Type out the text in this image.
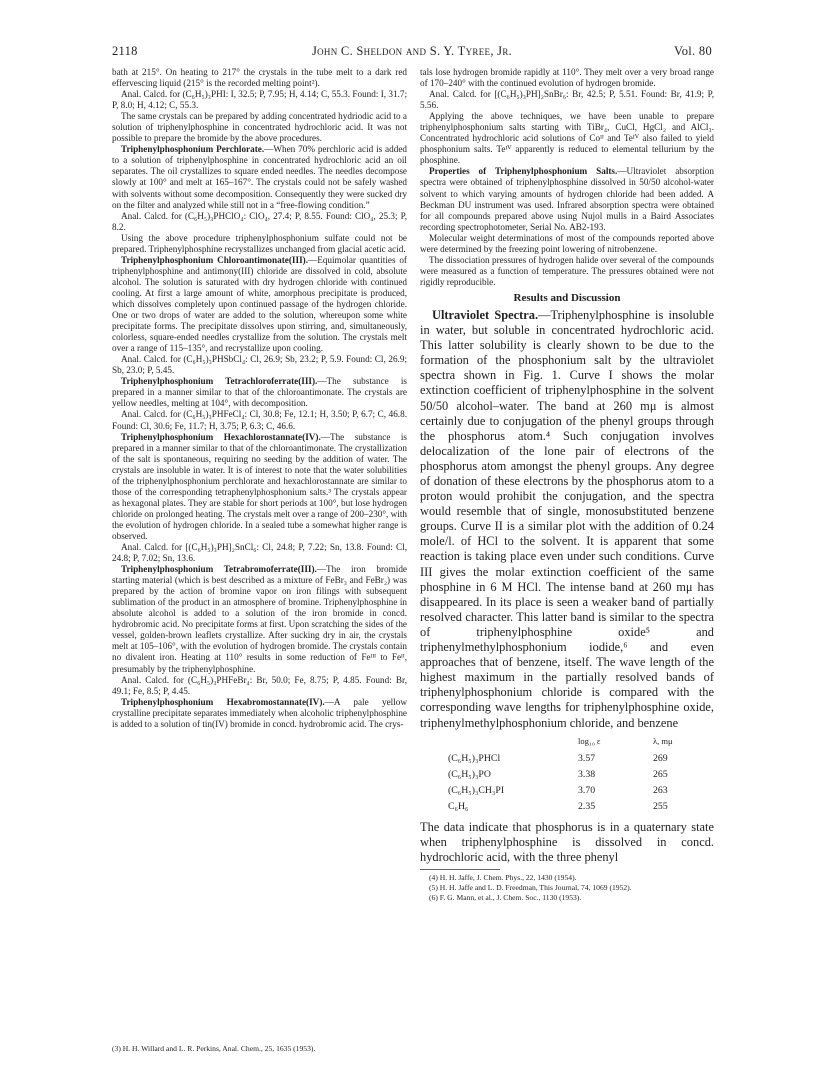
2118	John C. Sheldon and S. Y. Tyree, Jr.	Vol. 80

bath at 215°. On heating to 217° the crystals in the tube melt to a dark red effervescing liquid (215° is the recorded melting point²).

Anal. Calcd. for (C₆H₅)₃PHI: I, 32.5; P, 7.95; H, 4.14; C, 55.3. Found: I, 31.7; P, 8.0; H, 4.12; C, 55.3.

The same crystals can be prepared by adding concentrated hydriodic acid to a solution of triphenylphosphine in concentrated hydrochloric acid. It was not possible to prepare the bromide by the above procedures.

Triphenylphosphonium Perchlorate.—When 70% perchloric acid is added to a solution of triphenylphosphine in concentrated hydrochloric acid an oil separates. The oil crystallizes to square ended needles. The needles decompose slowly at 100° and melt at 165–167°. The crystals could not be safely washed with solvents without some decomposition. Consequently they were sucked dry on the filter and analyzed while still not in a “free-flowing condition.”

Anal. Calcd. for (C₆H₅)₃PHClO₄: ClO₄, 27.4; P, 8.55. Found: ClO₄, 25.3; P, 8.2.

Using the above procedure triphenylphosphonium sulfate could not be prepared. Triphenylphosphine recrystallizes unchanged from glacial acetic acid.

Triphenylphosphonium Chloroantimonate(III).—Equimolar quantities of triphenylphosphine and antimony(III) chloride are dissolved in cold, absolute alcohol. The solution is saturated with dry hydrogen chloride with continued cooling. At first a large amount of white, amorphous precipitate is produced, which dissolves completely upon continued passage of the hydrogen chloride. One or two drops of water are added to the solution, whereupon some white precipitate forms. The precipitate dissolves upon stirring, and, simultaneously, colorless, square-ended needles crystallize from the solution. The crystals melt over a range of 115–135°, and recrystallize upon cooling.

Anal. Calcd. for (C₆H₅)₃PHSbCl₄: Cl, 26.9; Sb, 23.2; P, 5.9. Found: Cl, 26.9; Sb, 23.0; P, 5.45.

Triphenylphosphonium Tetrachloroferrate(III).—The substance is prepared in a manner similar to that of the chloroantimonate. The crystals are yellow needles, melting at 104°, with decomposition.

Anal. Calcd. for (C₆H₅)₃PHFeCl₄: Cl, 30.8; Fe, 12.1; H, 3.50; P, 6.7; C, 46.8. Found: Cl, 30.6; Fe, 11.7; H, 3.75; P, 6.3; C, 46.6.

Triphenylphosphonium Hexachlorostannate(IV).—The substance is prepared in a manner similar to that of the chloroantimonate. The crystallization of the salt is spontaneous, requiring no seeding by the addition of water. The crystals are insoluble in water. It is of interest to note that the water solubilities of the triphenylphosphonium perchlorate and hexachlorostannate are similar to those of the corresponding tetraphenylphosphonium salts.³ The crystals appear as hexagonal plates. They are stable for short periods at 100°, but lose hydrogen chloride on prolonged heating. The crystals melt over a range of 200–230°, with the evolution of hydrogen chloride. In a sealed tube a somewhat higher range is observed.

Anal. Calcd. for [(C₆H₅)₃PH]₂SnCl₆: Cl, 24.8; P, 7.22; Sn, 13.8. Found: Cl, 24.8; P, 7.02; Sn, 13.6.

Triphenylphosphonium Tetrabromoferrate(III).—The iron bromide starting material (which is best described as a mixture of FeBr₃ and FeBr₂) was prepared by the action of bromine vapor on iron filings with subsequent sublimation of the product in an atmosphere of bromine. Triphenylphosphine in absolute alcohol is added to a solution of the iron bromide in concd. hydrobromic acid. No precipitate forms at first. Upon scratching the sides of the vessel, golden-brown leaflets crystallize. After sucking dry in air, the crystals melt at 105–106°, with the evolution of hydrogen bromide. The crystals contain no divalent iron. Heating at 110° results in some reduction of Feᴵᴵᴵ to Feᴵᴵ, presumably by the triphenylphosphine.

Anal. Calcd. for (C₆H₅)₃PHFeBr₄: Br, 50.0; Fe, 8.75; P, 4.85. Found: Br, 49.1; Fe, 8.5; P, 4.45.

Triphenylphosphonium Hexabromostannate(IV).—A pale yellow crystalline precipitate separates immediately when alcoholic triphenylphosphine is added to a solution of tin(IV) bromide in concd. hydrobromic acid. The crys-

(3) H. H. Willard and L. R. Perkins, Anal. Chem., 25, 1635 (1953).

tals lose hydrogen bromide rapidly at 110°. They melt over a very broad range of 170–240° with the continued evolution of hydrogen bromide.

Anal. Calcd. for [(C₆H₅)₃PH]₂SnBr₆: Br, 42.5; P, 5.51. Found: Br, 41.9; P, 5.56.

Applying the above techniques, we have been unable to prepare triphenylphosphonium salts starting with TiBr₄, CuCl, HgCl₂ and AlCl₃. Concentrated hydrochloric acid solutions of Coᴵᴵ and Teᴵⱽ also failed to yield phosphonium salts. Teᴵⱽ apparently is reduced to elemental tellurium by the phosphine.

Properties of Triphenylphosphonium Salts.—Ultraviolet absorption spectra were obtained of triphenylphosphine dissolved in 50/50 alcohol-water solvent to which varying amounts of hydrogen chloride had been added. A Beckman DU instrument was used. Infrared absorption spectra were obtained for all compounds prepared above using Nujol mulls in a Baird Associates recording spectrophotometer, Serial No. AB2-193.

Molecular weight determinations of most of the compounds reported above were determined by the freezing point lowering of nitrobenzene.

The dissociation pressures of hydrogen halide over several of the compounds were measured as a function of temperature. The pressures obtained were not rigidly reproducible.

Results and Discussion

Ultraviolet Spectra.—Triphenylphosphine is insoluble in water, but soluble in concentrated hydrochloric acid. This latter solubility is clearly shown to be due to the formation of the phosphonium salt by the ultraviolet spectra shown in Fig. 1. Curve I shows the molar extinction coefficient of triphenylphosphine in the solvent 50/50 alcohol–water. The band at 260 mμ is almost certainly due to conjugation of the phenyl groups through the phosphorus atom.⁴ Such conjugation involves delocalization of the lone pair of electrons of the phosphorus atom amongst the phenyl groups. Any degree of donation of these electrons by the phosphorus atom to a proton would prohibit the conjugation, and the spectra would resemble that of single, monosubstituted benzene groups. Curve II is a similar plot with the addition of 0.24 mole/l. of HCl to the solvent. It is apparent that some reaction is taking place even under such conditions. Curve III gives the molar extinction coefficient of the same phosphine in 6 M HCl. The intense band at 260 mμ has disappeared. In its place is seen a weaker band of partially resolved character. This latter band is similar to the spectra of triphenylphosphine oxide⁵ and triphenylmethylphosphonium iodide,⁶ and even approaches that of benzene, itself. The wave length of the highest maximum in the partially resolved bands of triphenylphosphonium chloride is compared with the corresponding wave lengths for triphenylphosphine oxide, triphenylmethylphosphonium chloride, and benzene

	log₁₀ ε	λ, mμ
(C₆H₅)₃PHCl	3.57	269
(C₆H₅)₃PO	3.38	265
(C₆H₅)₃CH₃PI	3.70	263
C₆H₆	2.35	255

The data indicate that phosphorus is in a quaternary state when triphenylphosphine is dissolved in concd. hydrochloric acid, with the three phenyl

(4) H. H. Jaffe, J. Chem. Phys., 22, 1430 (1954).

(5) H. H. Jaffe and L. D. Freedman, This Journal, 74, 1069 (1952).

(6) F. G. Mann, et al., J. Chem. Soc., 1130 (1953).
